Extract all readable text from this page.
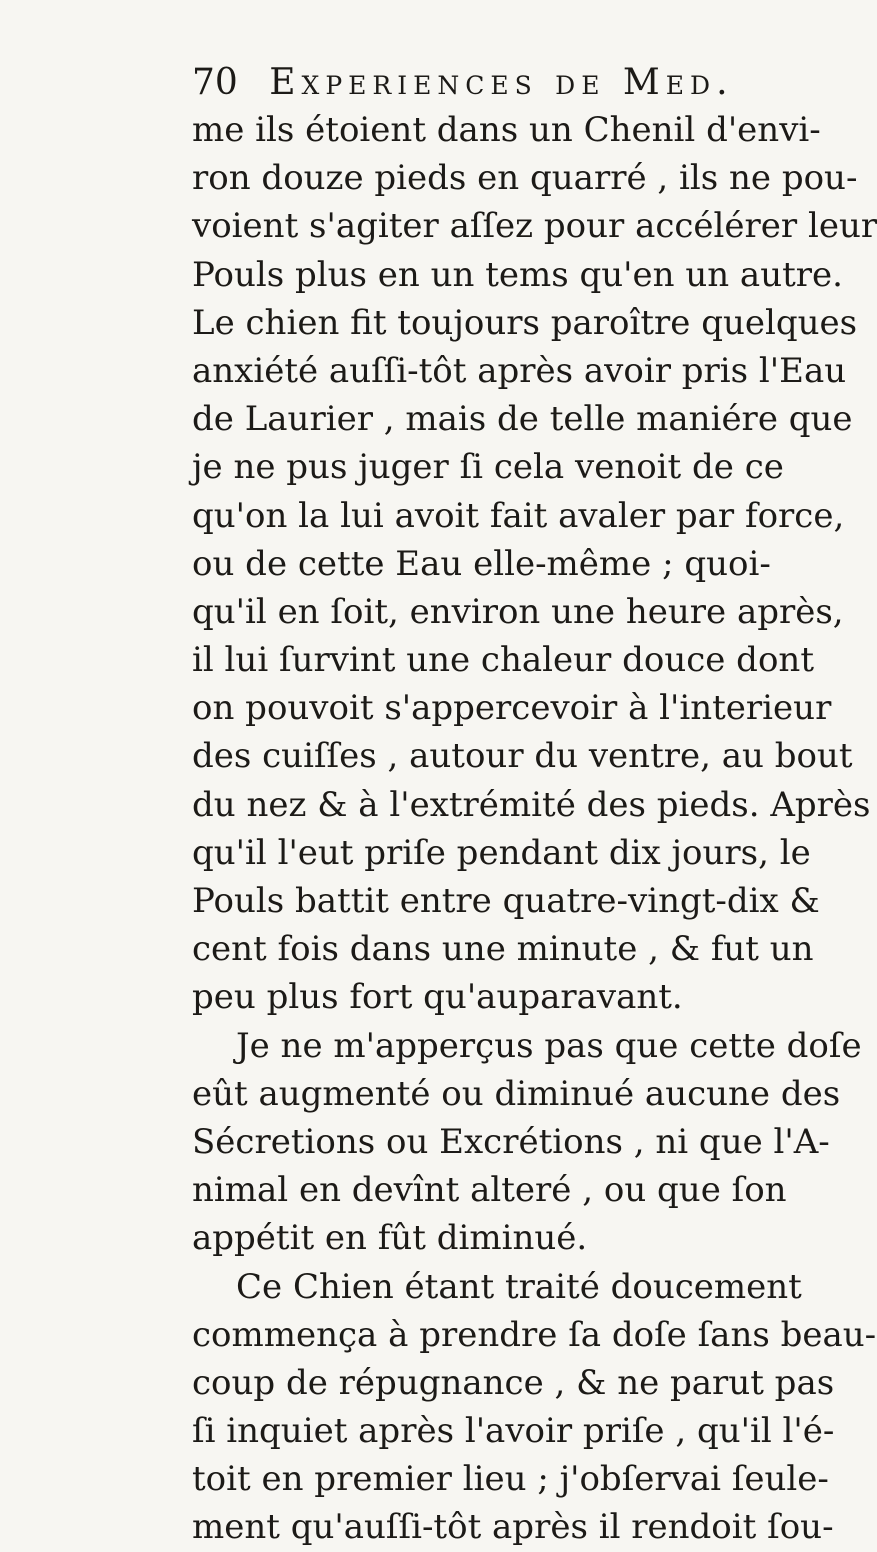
70 Experiences de Med.
me ils étoient dans un Chenil d'envi-
ron douze pieds en quarré , ils ne pou-
voient s'agiter aſſez pour accélérer leur
Pouls plus en un tems qu'en un autre.
Le chien fit toujours paroître quelques
anxiété auſſi-tôt après avoir pris l'Eau
de Laurier , mais de telle maniére que
je ne pus juger ſi cela venoit de ce
qu'on la lui avoit fait avaler par force,
ou de cette Eau elle-même ; quoi-
qu'il en ſoit, environ une heure après,
il lui ſurvint une chaleur douce dont
on pouvoit s'appercevoir à l'interieur
des cuiſſes , autour du ventre, au bout
du nez & à l'extrémité des pieds. Après
qu'il l'eut priſe pendant dix jours, le
Pouls battit entre quatre-vingt-dix &
cent fois dans une minute , & fut un
peu plus fort qu'auparavant.
Je ne m'apperçus pas que cette doſe
eût augmenté ou diminué aucune des
Sécretions ou Excrétions , ni que l'A-
nimal en devînt alteré , ou que ſon
appétit en fût diminué.
Ce Chien étant traité doucement
commença à prendre ſa doſe ſans beau-
coup de répugnance , & ne parut pas
ſi inquiet après l'avoir priſe , qu'il l'é-
toit en premier lieu ; j'obſervai ſeule-
ment qu'auſſi-tôt après il rendoit ſou-
